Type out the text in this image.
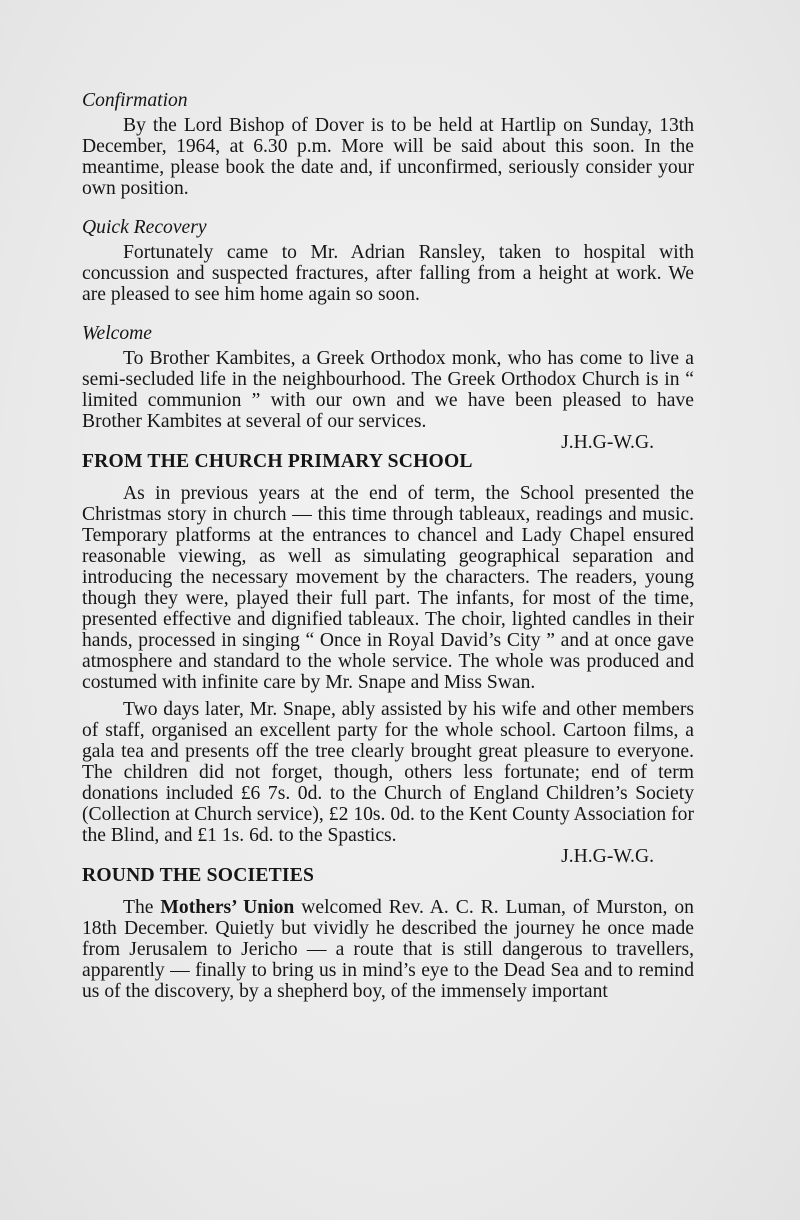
Confirmation

By the Lord Bishop of Dover is to be held at Hartlip on Sunday, 13th December, 1964, at 6.30 p.m. More will be said about this soon. In the meantime, please book the date and, if unconfirmed, seriously consider your own position.

Quick Recovery

Fortunately came to Mr. Adrian Ransley, taken to hospital with concussion and suspected fractures, after falling from a height at work. We are pleased to see him home again so soon.

Welcome

To Brother Kambites, a Greek Orthodox monk, who has come to live a semi-secluded life in the neighbourhood. The Greek Orthodox Church is in “ limited communion ” with our own and we have been pleased to have Brother Kambites at several of our services.

J.H.G-W.G.

FROM THE CHURCH PRIMARY SCHOOL

As in previous years at the end of term, the School presented the Christmas story in church — this time through tableaux, readings and music. Temporary platforms at the entrances to chancel and Lady Chapel ensured reasonable viewing, as well as simulating geographical separation and introducing the necessary movement by the characters. The readers, young though they were, played their full part. The infants, for most of the time, presented effective and dignified tableaux. The choir, lighted candles in their hands, processed in singing “ Once in Royal David’s City ” and at once gave atmosphere and standard to the whole service. The whole was produced and costumed with infinite care by Mr. Snape and Miss Swan.

Two days later, Mr. Snape, ably assisted by his wife and other members of staff, organised an excellent party for the whole school. Cartoon films, a gala tea and presents off the tree clearly brought great pleasure to everyone. The children did not forget, though, others less fortunate; end of term donations included £6 7s. 0d. to the Church of England Children’s Society (Collection at Church service), £2 10s. 0d. to the Kent County Association for the Blind, and £1 1s. 6d. to the Spastics.

J.H.G-W.G.

ROUND THE SOCIETIES

The Mothers’ Union welcomed Rev. A. C. R. Luman, of Murston, on 18th December. Quietly but vividly he described the journey he once made from Jerusalem to Jericho — a route that is still dangerous to travellers, apparently — finally to bring us in mind’s eye to the Dead Sea and to remind us of the discovery, by a shepherd boy, of the immensely important
